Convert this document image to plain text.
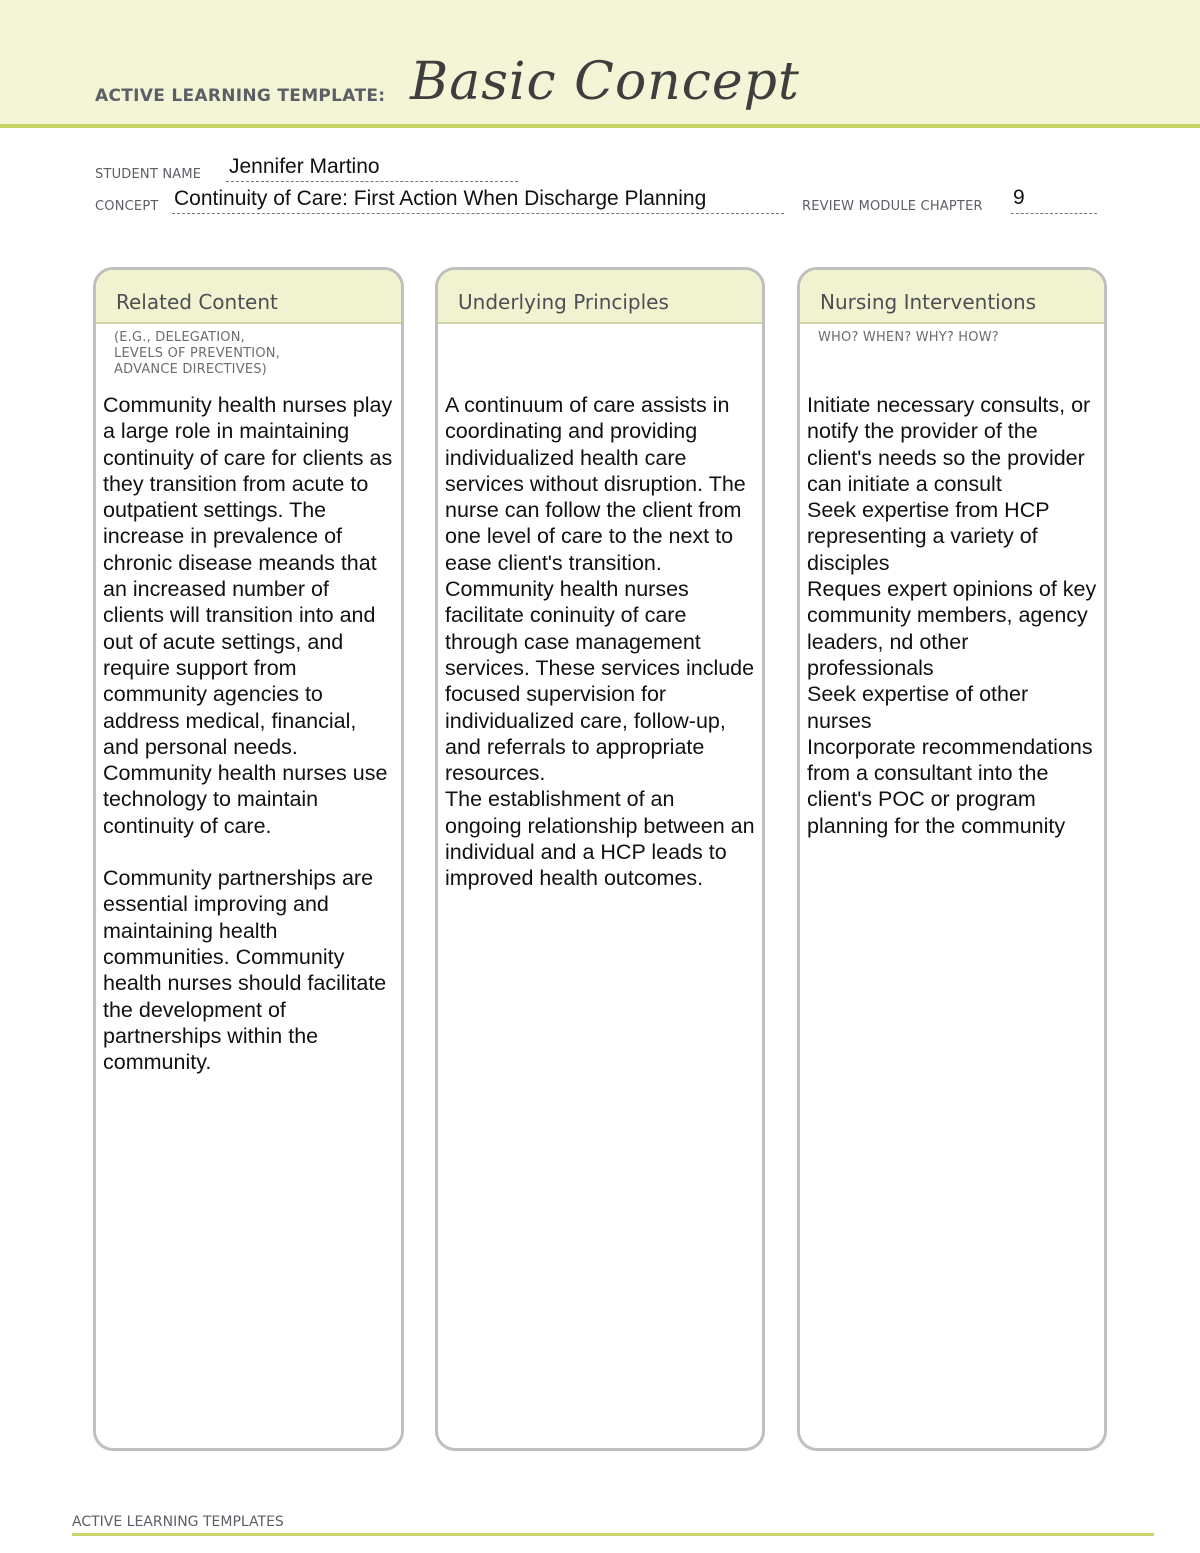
ACTIVE LEARNING TEMPLATE: Basic Concept
STUDENT NAME Jennifer Martino
CONCEPT Continuity of Care: First Action When Discharge Planning	REVIEW MODULE CHAPTER 9
Related Content
(E.G., DELEGATION,
LEVELS OF PREVENTION,
ADVANCE DIRECTIVES)

Community health nurses play a large role in maintaining continuity of care for clients as they transition from acute to outpatient settings. The increase in prevalence of chronic disease meands that an increased number of clients will transition into and out of acute settings, and require support from community agencies to address medical, financial, and personal needs. Community health nurses use technology to maintain continuity of care.

Community partnerships are essential improving and maintaining health communities. Community health nurses should facilitate the development of partnerships within the community.

Underlying Principles

A continuum of care assists in coordinating and providing individualized health care services without disruption. The nurse can follow the client from one level of care to the next to ease client's transition.

Community health nurses facilitate coninuity of care through case management services. These services include focused supervision for individualized care, follow-up, and referrals to appropriate resources.

The establishment of an ongoing relationship between an individual and a HCP leads to improved health outcomes.

Nursing Interventions
WHO? WHEN? WHY? HOW?

Initiate necessary consults, or notify the provider of the client's needs so the provider can initiate a consult

Seek expertise from HCP representing a variety of disciples

Reques expert opinions of key community members, agency leaders, nd other professionals

Seek expertise of other nurses

Incorporate recommendations from a consultant into the client's POC or program planning for the community

ACTIVE LEARNING TEMPLATES
